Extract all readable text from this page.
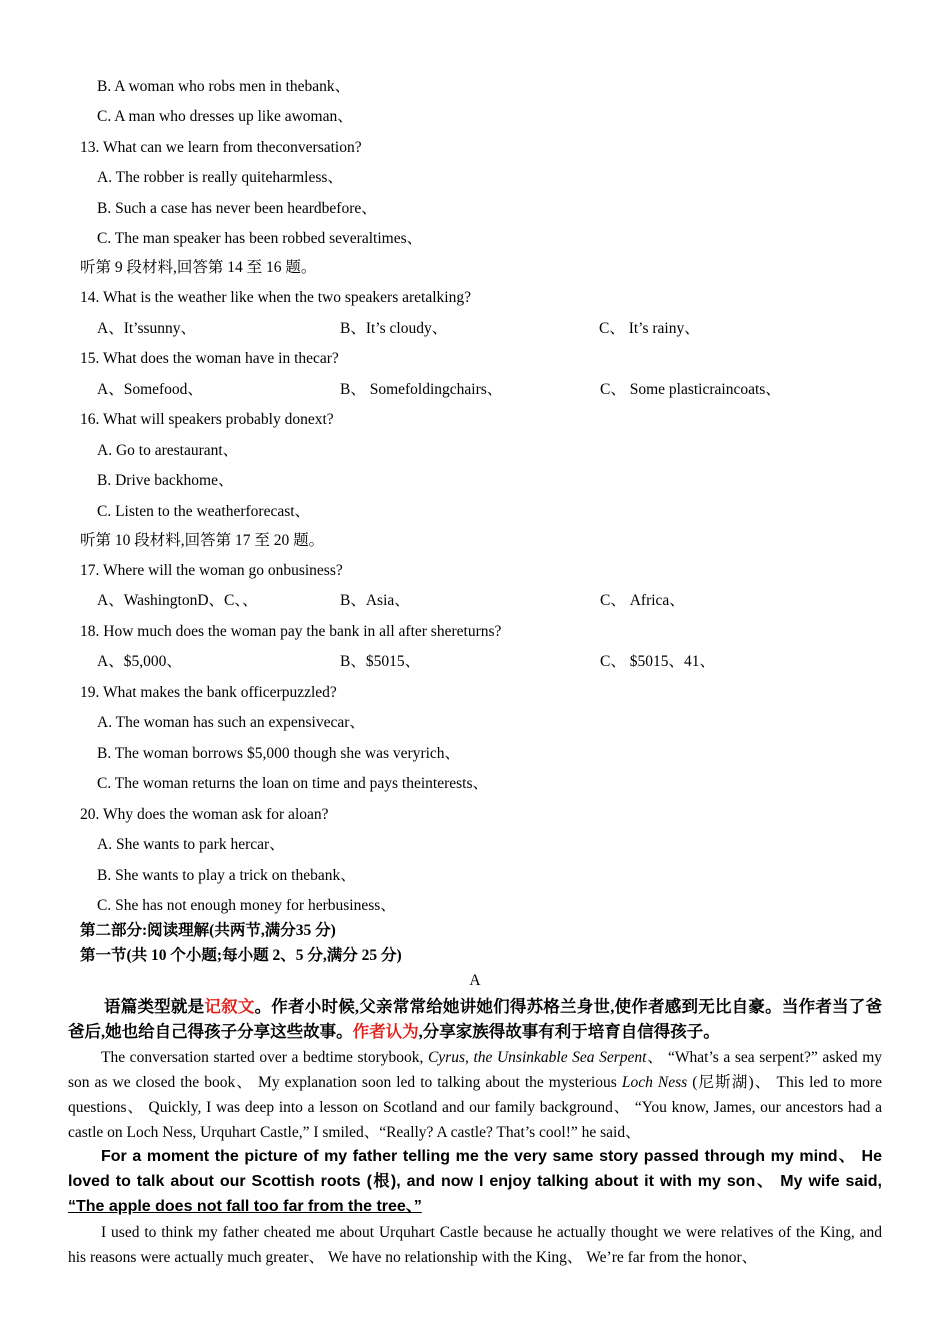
B. A woman who robs men in thebank、
C. A man who dresses up like awoman、
13. What can we learn from theconversation?
A. The robber is really quiteharmless、
B. Such a case has never been heardbefore、
C. The man speaker has been robbed severaltimes、
听第 9 段材料,回答第 14 至 16 题。
14. What is the weather like when the two speakers aretalking?
A、It’ssunny、	B、It’s cloudy、	C、 It’s rainy、
15. What does the woman have in thecar?
A、Somefood、	B、 Somefoldingchairs、	C、 Some plasticraincoats、
16. What will speakers probably donext?
A. Go to arestaurant、
B. Drive backhome、
C. Listen to the weatherforecast、
听第 10 段材料,回答第 17 至 20 题。
17. Where will the woman go onbusiness?
A、WashingtonD、C、、	B、Asia、	C、 Africa、
18. How much does the woman pay the bank in all after shereturns?
A、$5,000、	B、$5015、	C、 $5015、41、
19. What makes the bank officerpuzzled?
A. The woman has such an expensivecar、
B. The woman borrows $5,000 though she was veryrich、
C. The woman returns the loan on time and pays theinterests、
20. Why does the woman ask for aloan?
A. She wants to park hercar、
B. She wants to play a trick on thebank、
C. She has not enough money for herbusiness、
第二部分:阅读理解(共两节,满分35 分)
第一节(共 10 个小题;每小题 2、5 分,满分 25 分)
A
语篇类型就是记叙文。作者小时候,父亲常常给她讲她们得苏格兰身世,使作者感到无比自豪。当作者当了爸爸后,她也给自己得孩子分享这些故事。作者认为,分享家族得故事有利于培育自信得孩子。
The conversation started over a bedtime storybook, Cyrus, the Unsinkable Sea Serpent、 “What’s a sea serpent?” asked my son as we closed the book、 My explanation soon led to talking about the mysterious Loch Ness (尼斯湖)、 This led to more questions、 Quickly, I was deep into a lesson on Scotland and our family background、 “You know, James, our ancestors had a castle on Loch Ness, Urquhart Castle,” I smiled、“Really? A castle? That’s cool!” he said、
For a moment the picture of my father telling me the very same story passed through my mind、 He loved to talk about our Scottish roots (根), and now I enjoy talking about it with my son、 My wife said, “The apple does not fall too far from the tree、”
I used to think my father cheated me about Urquhart Castle because he actually thought we were relatives of the King, and his reasons were actually much greater、 We have no relationship with the King、 We’re far from the honor、
